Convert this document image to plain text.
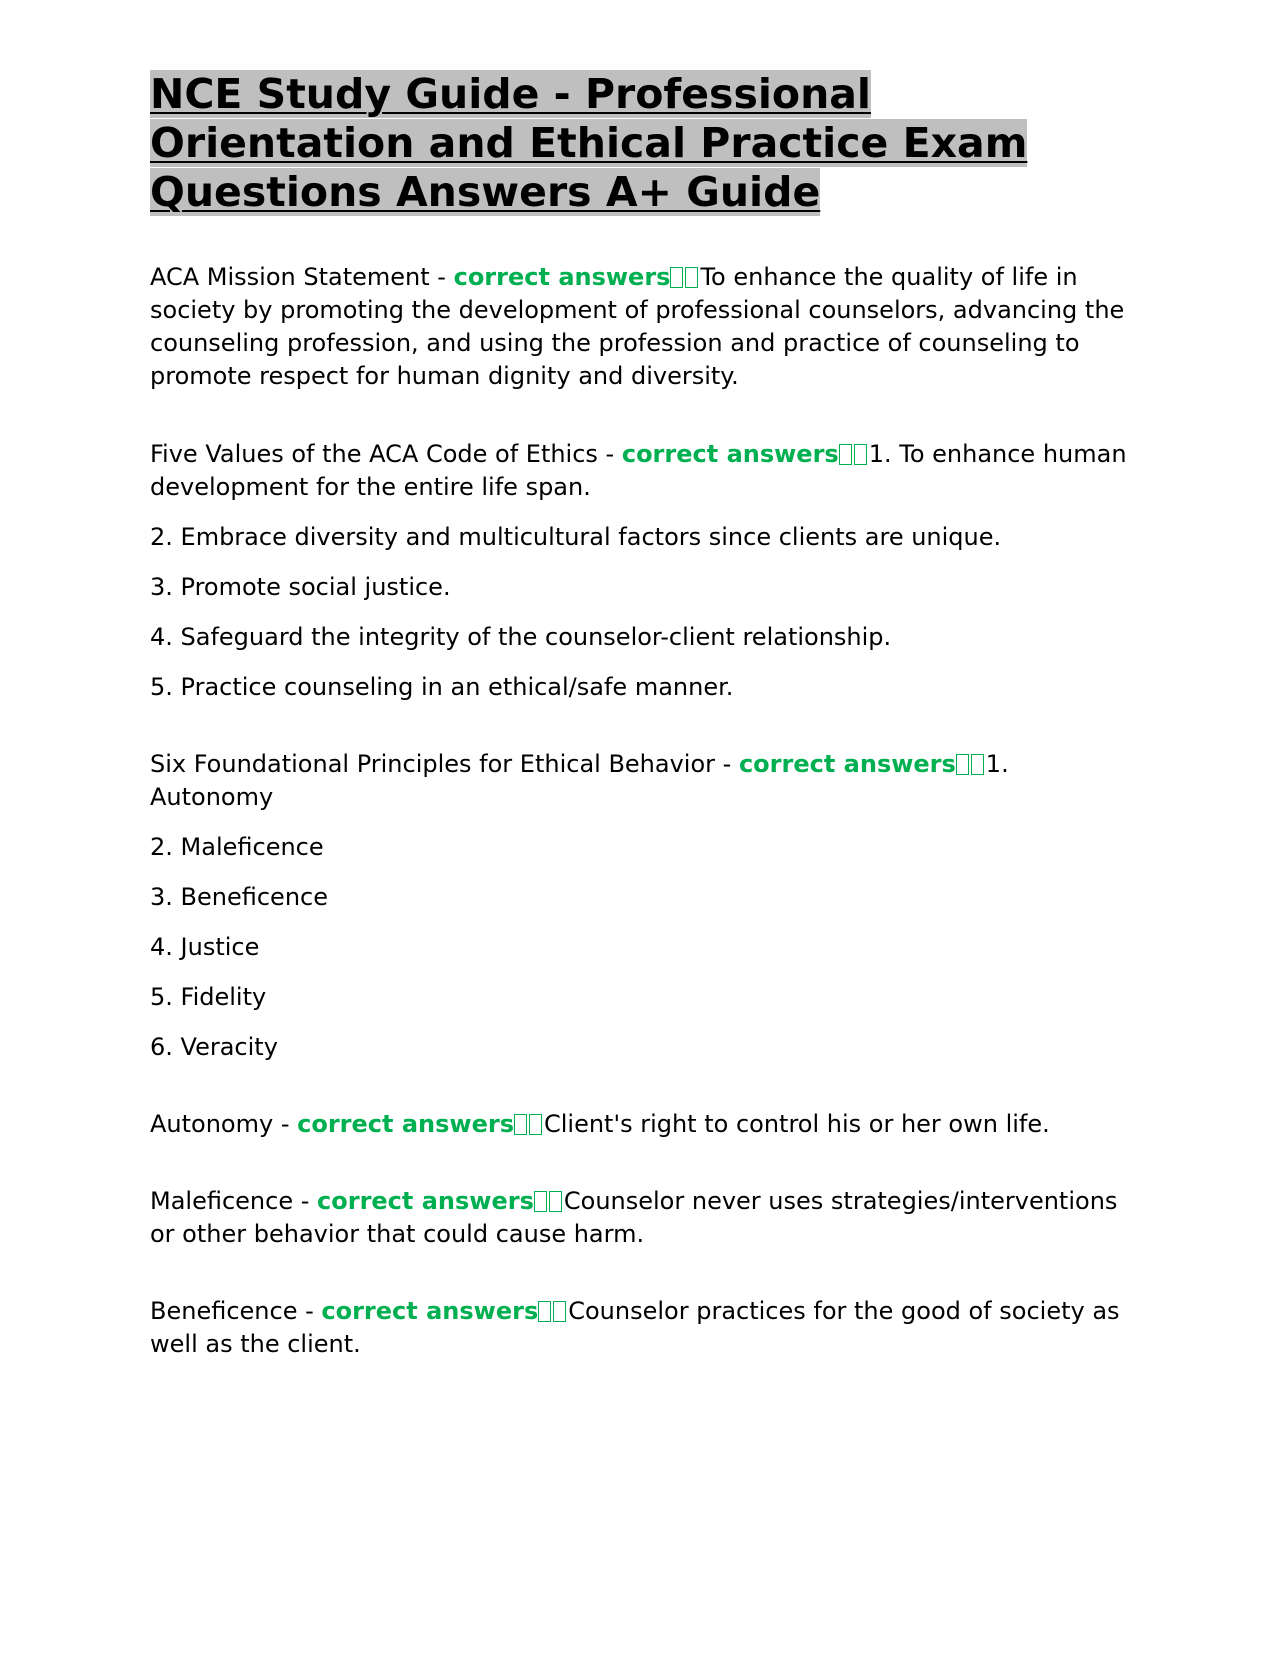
NCE Study Guide - Professional Orientation and Ethical Practice Exam Questions Answers A+ Guide

ACA Mission Statement - correct answers To enhance the quality of life in society by promoting the development of professional counselors, advancing the counseling profession, and using the profession and practice of counseling to promote respect for human dignity and diversity.

Five Values of the ACA Code of Ethics - correct answers 1. To enhance human development for the entire life span.

2. Embrace diversity and multicultural factors since clients are unique.

3. Promote social justice.

4. Safeguard the integrity of the counselor-client relationship.

5. Practice counseling in an ethical/safe manner.

Six Foundational Principles for Ethical Behavior - correct answers 1. Autonomy

2. Maleficence

3. Beneficence

4. Justice

5. Fidelity

6. Veracity

Autonomy - correct answers Client's right to control his or her own life.

Maleficence - correct answers Counselor never uses strategies/interventions or other behavior that could cause harm.

Beneficence - correct answers Counselor practices for the good of society as well as the client.
